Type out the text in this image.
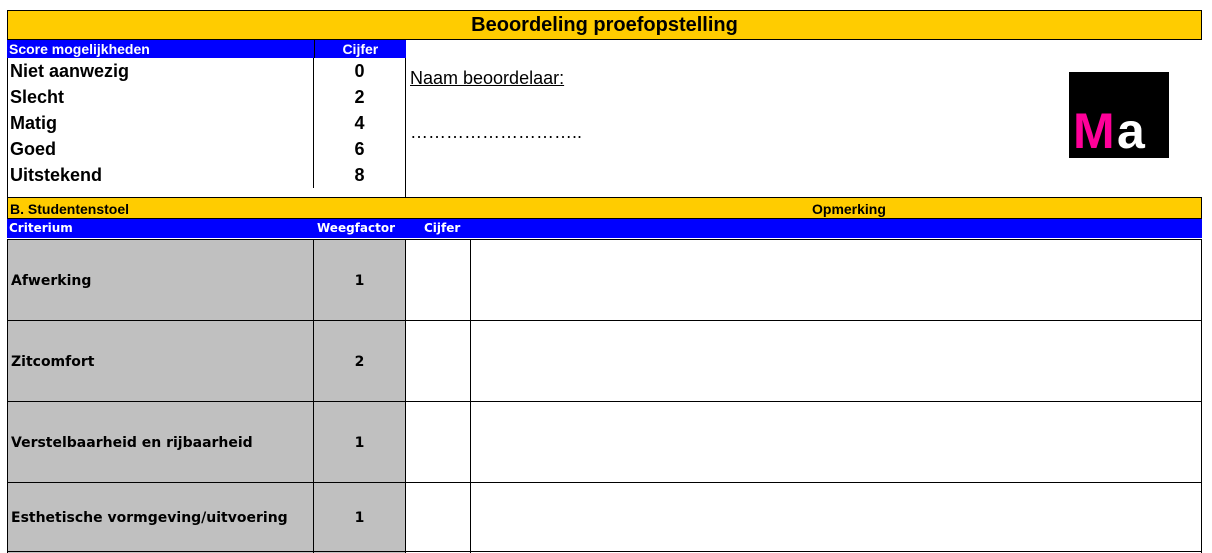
Beoordeling proefopstelling
Score mogelijkheden	Cijfer
Niet aanwezig	0
Slecht	2
Matig	4
Goed	6
Uitstekend	8
Naam beoordelaar:
………………………..	M a
B. Studentenstoel	Opmerking
Criterium	Weegfactor Cijfer
Afwerking	1
Zitcomfort	2
Verstelbaarheid en rijbaarheid	1
Esthetische vormgeving/uitvoering	1
